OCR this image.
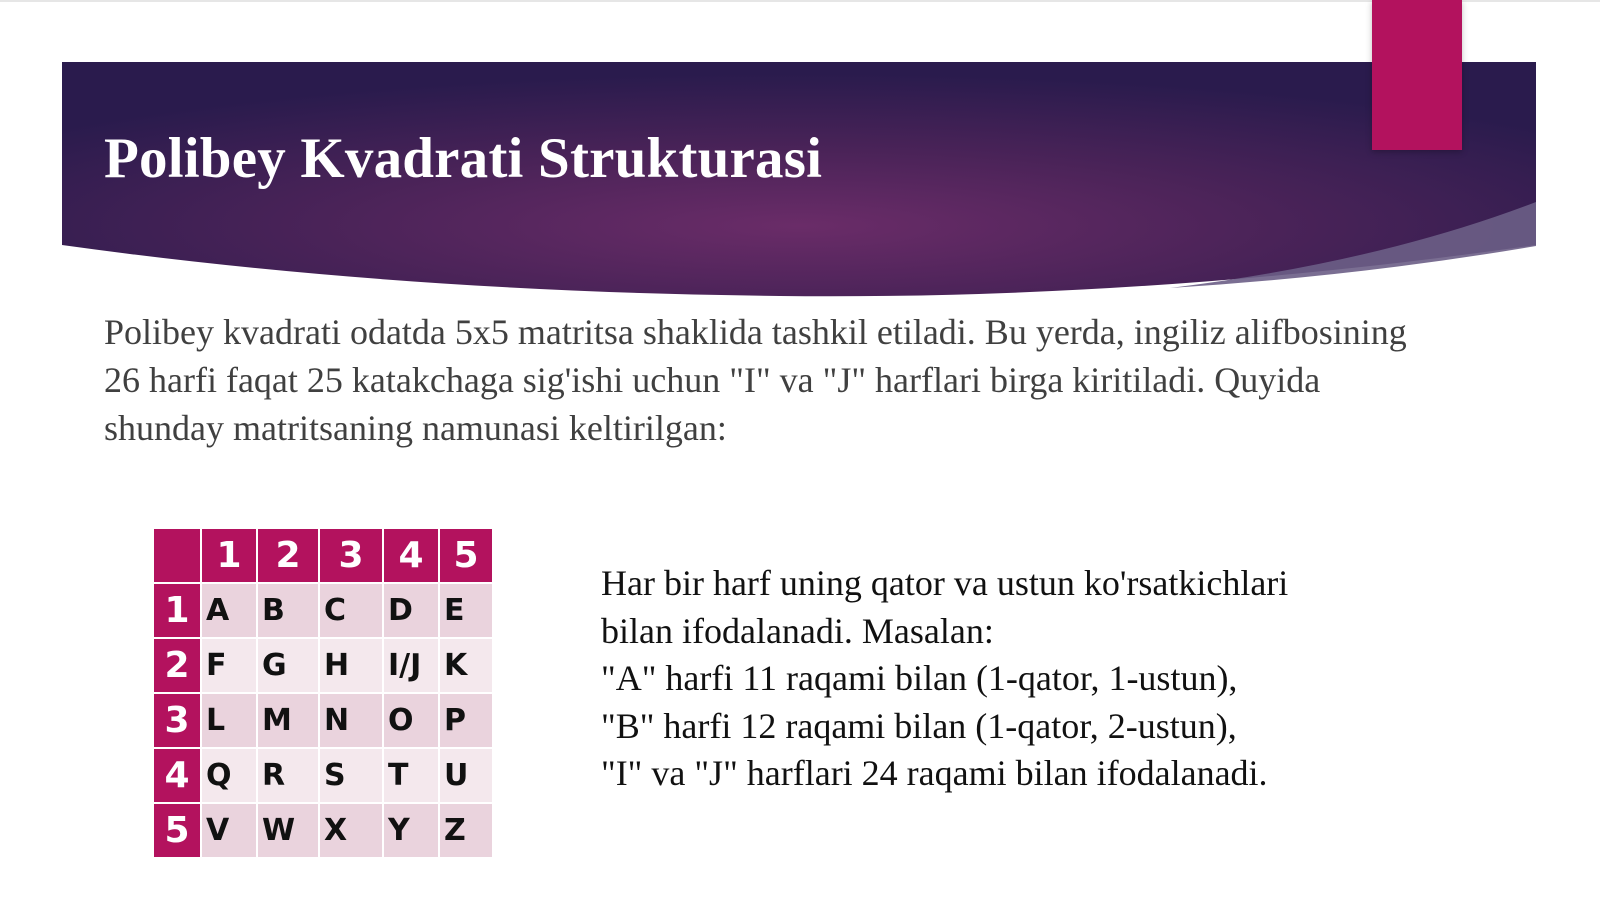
Polibey Kvadrati Strukturasi
Polibey kvadrati odatda 5x5 matritsa shaklida tashkil etiladi. Bu yerda, ingiliz alifbosining 26 harfi faqat 25 katakchaga sig'ishi uchun "I" va "J" harflari birga kiritiladi. Quyida shunday matritsaning namunasi keltirilgan:
	1	2	3	4	5
1	A	B	C	D	E
2	F	G	H	I/J	K
3	L	M	N	O	P
4	Q	R	S	T	U
5	V	W	X	Y	Z
Har bir harf uning qator va ustun ko'rsatkichlari
bilan ifodalanadi. Masalan:
"A" harfi 11 raqami bilan (1-qator, 1-ustun),
"B" harfi 12 raqami bilan (1-qator, 2-ustun),
"I" va "J" harflari 24 raqami bilan ifodalanadi.
